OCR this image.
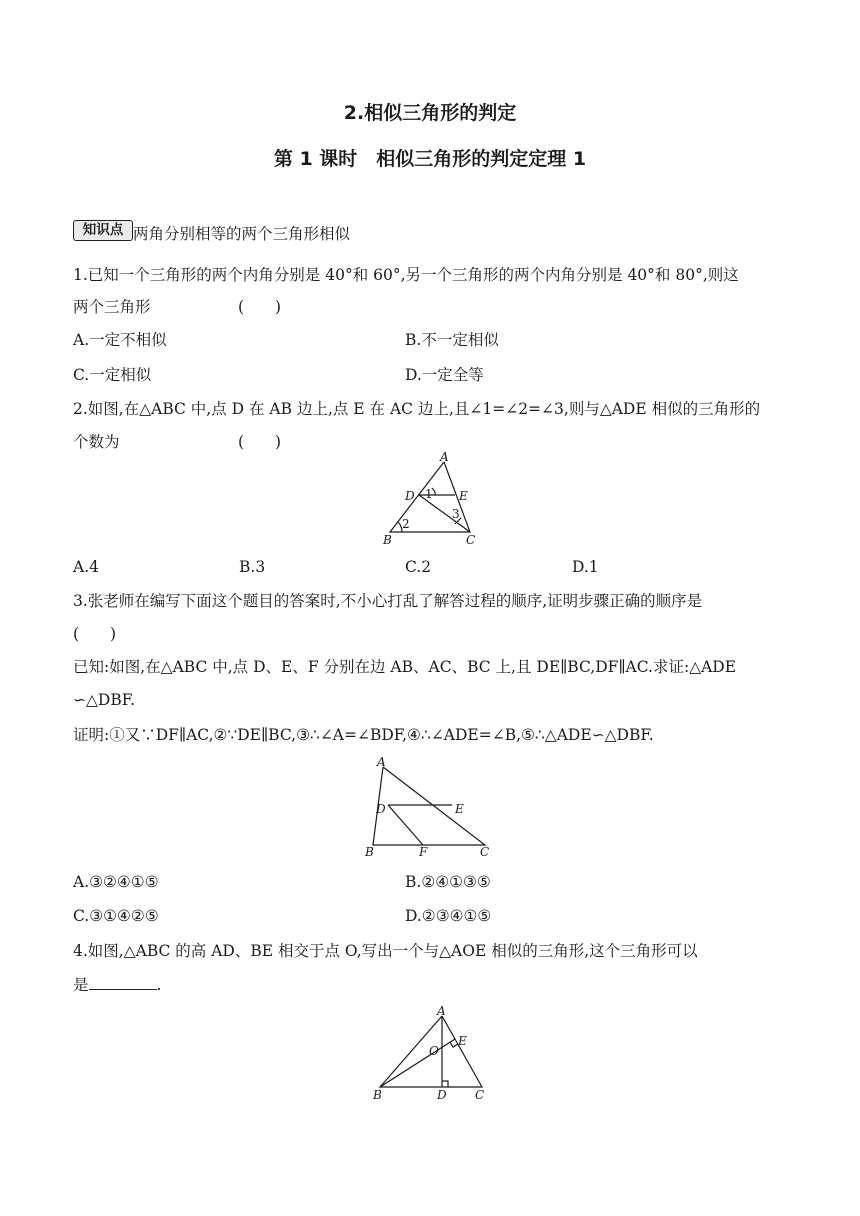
2.相似三角形的判定
第 1 课时　相似三角形的判定定理 1
知识点 两角分别相等的两个三角形相似
1.已知一个三角形的两个内角分别是 40°和 60°,另一个三角形的两个内角分别是 40°和 80°,则这
两个三角形	(　　)
A.一定不相似	B.不一定相似
C.一定相似	D.一定全等
2.如图,在△ABC 中,点 D 在 AB 边上,点 E 在 AC 边上,且∠1=∠2=∠3,则与△ADE 相似的三角形的
个数为	(　　)
A
B	C
D	E
1
2
3
A.4	B.3	C.2	D.1
3.张老师在编写下面这个题目的答案时,不小心打乱了解答过程的顺序,证明步骤正确的顺序是
(　　)
已知:如图,在△ABC 中,点 D、E、F 分别在边 AB、AC、BC 上,且 DE∥BC,DF∥AC.求证:△ADE
∽△DBF.
证明:①又∵DF∥AC,②∵DE∥BC,③∴∠A=∠BDF,④∴∠ADE=∠B,⑤∴△ADE∽△DBF.
A
B	C
D	E
F
A.③②④①⑤	B.②④①③⑤
C.③①④②⑤	D.②③④①⑤
4.如图,△ABC 的高 AD、BE 相交于点 O,写出一个与△AOE 相似的三角形,这个三角形可以
是	.
A
B	C
D
E
O
